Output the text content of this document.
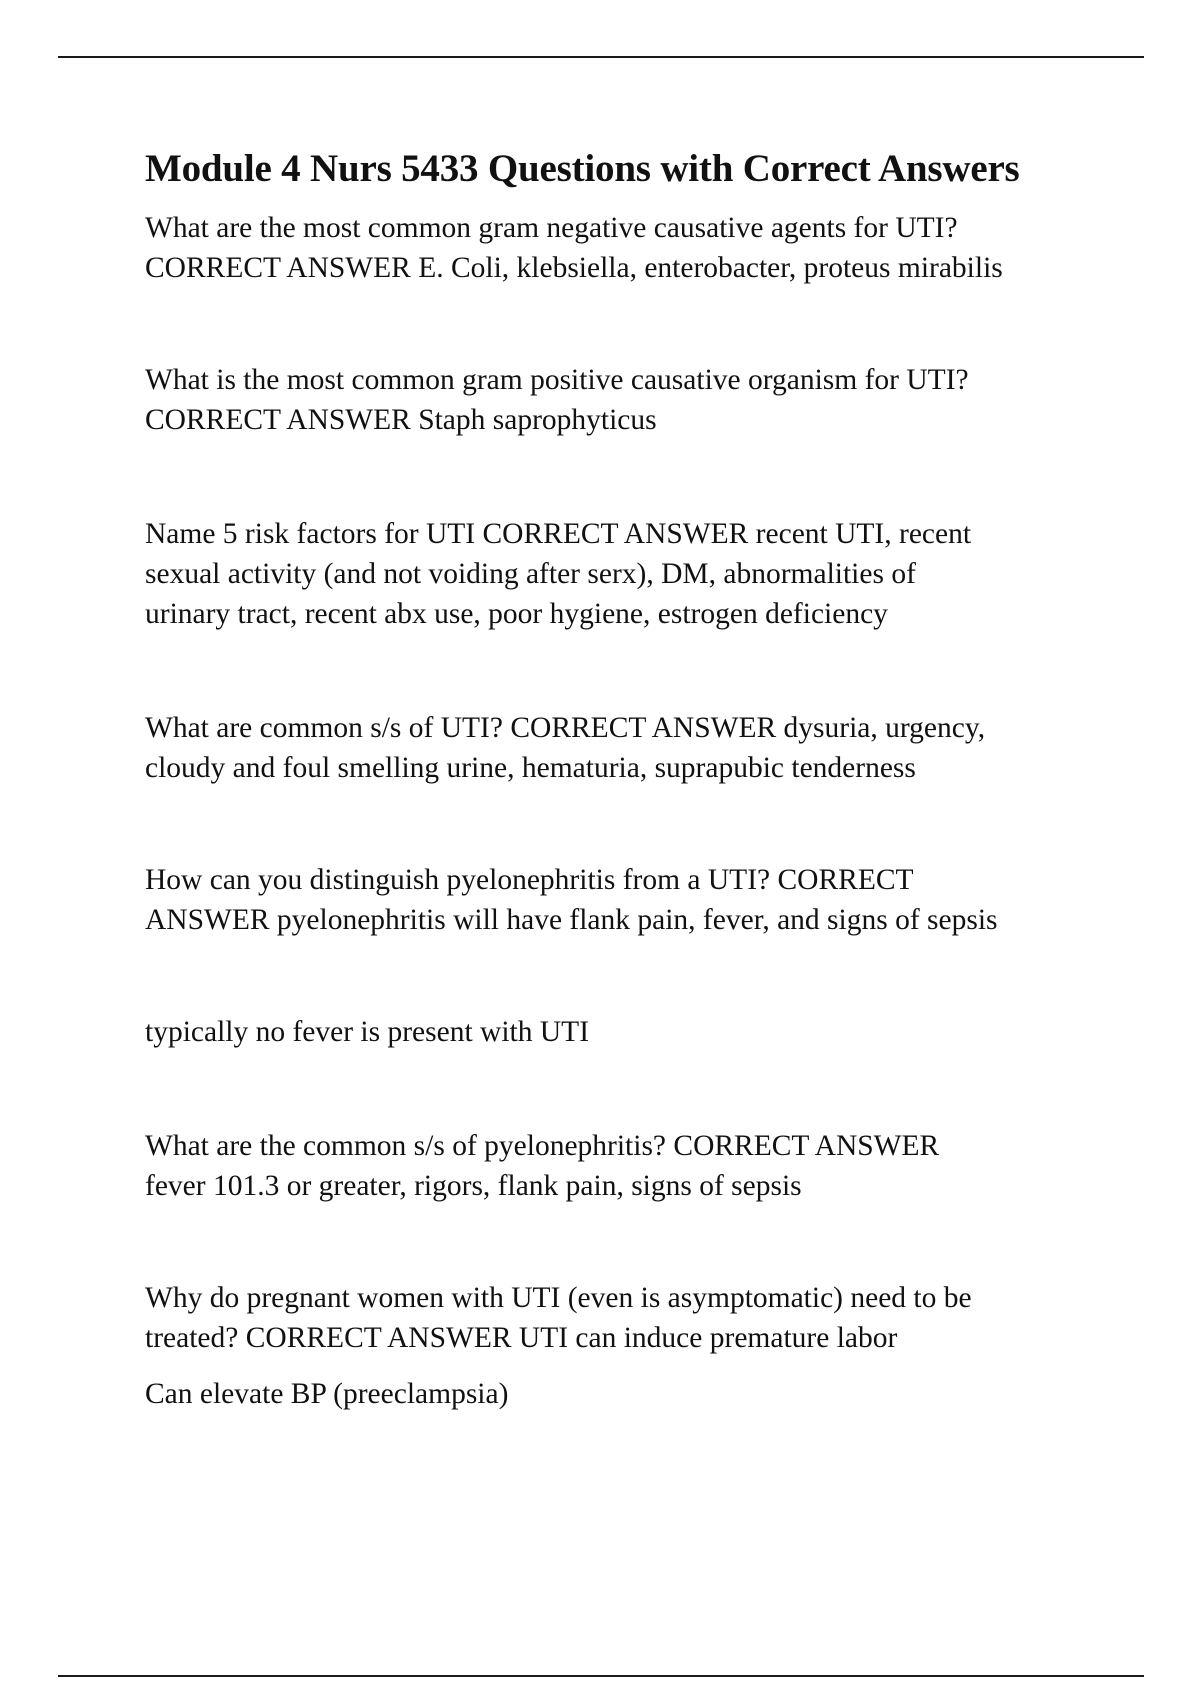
Module 4 Nurs 5433 Questions with Correct Answers
What are the most common gram negative causative agents for UTI?
CORRECT ANSWER E. Coli, klebsiella, enterobacter, proteus mirabilis
What is the most common gram positive causative organism for UTI?
CORRECT ANSWER Staph saprophyticus
Name 5 risk factors for UTI CORRECT ANSWER recent UTI, recent
sexual activity (and not voiding after serx), DM, abnormalities of
urinary tract, recent abx use, poor hygiene, estrogen deficiency
What are common s/s of UTI? CORRECT ANSWER dysuria, urgency,
cloudy and foul smelling urine, hematuria, suprapubic tenderness
How can you distinguish pyelonephritis from a UTI? CORRECT
ANSWER pyelonephritis will have flank pain, fever, and signs of sepsis
typically no fever is present with UTI
What are the common s/s of pyelonephritis? CORRECT ANSWER
fever 101.3 or greater, rigors, flank pain, signs of sepsis
Why do pregnant women with UTI (even is asymptomatic) need to be
treated? CORRECT ANSWER UTI can induce premature labor
Can elevate BP (preeclampsia)
